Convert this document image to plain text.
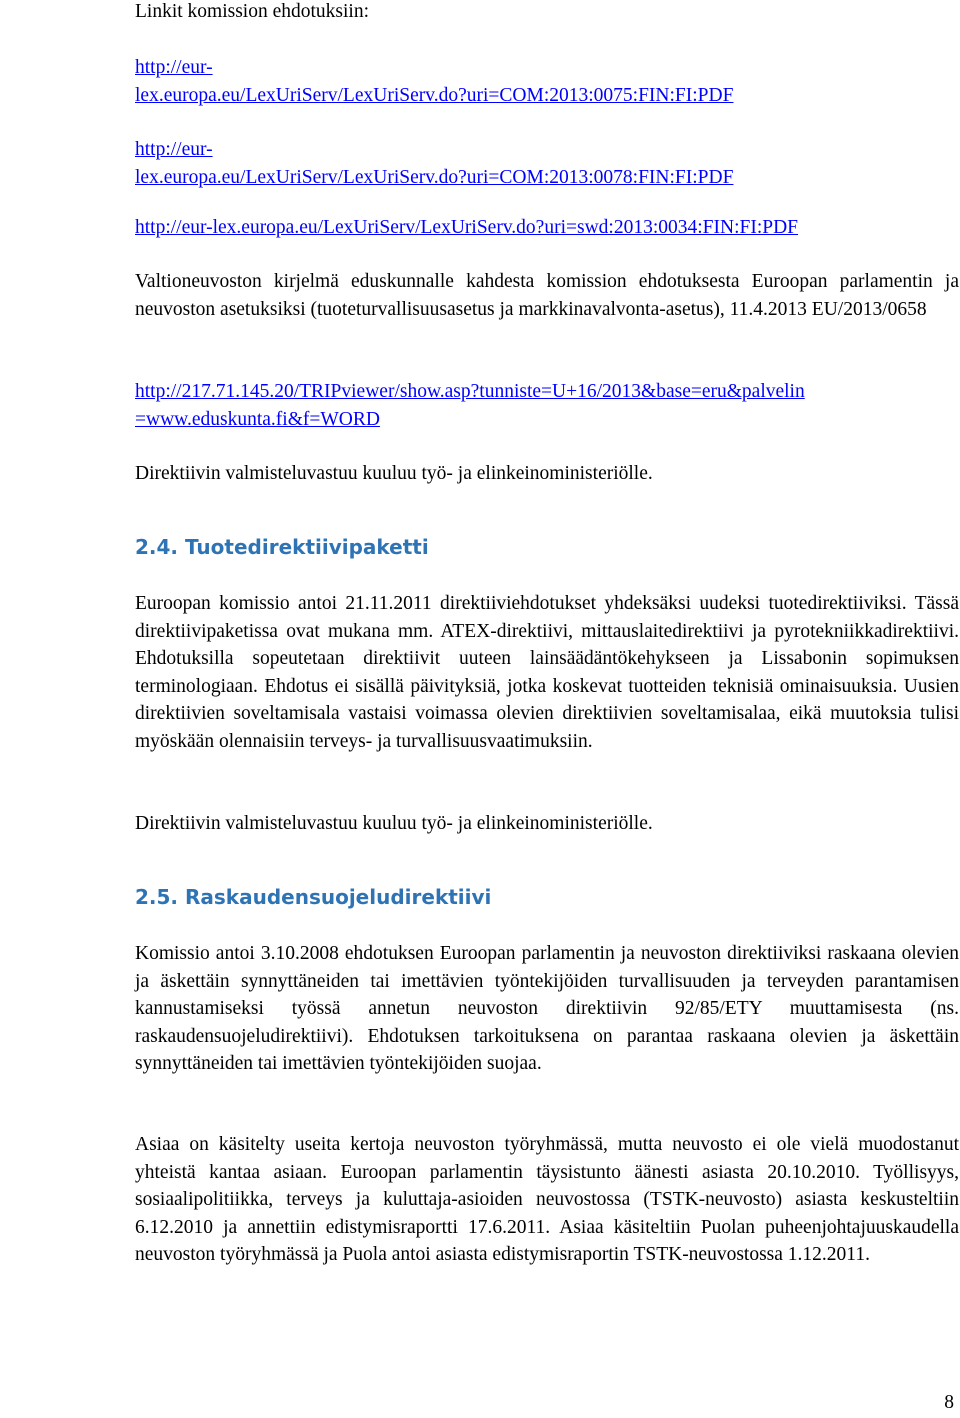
Linkit komission ehdotuksiin:

http://eur-
lex.europa.eu/LexUriServ/LexUriServ.do?uri=COM:2013:0075:FIN:FI:PDF
http://eur-
lex.europa.eu/LexUriServ/LexUriServ.do?uri=COM:2013:0078:FIN:FI:PDF
http://eur-lex.europa.eu/LexUriServ/LexUriServ.do?uri=swd:2013:0034:FIN:FI:PDF

Valtioneuvoston kirjelmä eduskunnalle kahdesta komission ehdotuksesta Euroopan parlamentin ja neuvoston asetuksiksi (tuoteturvallisuusasetus ja markkinavalvonta-asetus), 11.4.2013 EU/2013/0658

http://217.71.145.20/TRIPviewer/show.asp?tunniste=U+16/2013&base=eru&palvelin
=www.eduskunta.fi&f=WORD

Direktiivin valmisteluvastuu kuuluu työ- ja elinkeinoministeriölle.

2.4. Tuotedirektiivipaketti

Euroopan komissio antoi 21.11.2011 direktiiviehdotukset yhdeksäksi uudeksi tuotedirektiiviksi. Tässä direktiivipaketissa ovat mukana mm. ATEX-direktiivi, mittauslaitedirektiivi ja pyrotekniikkadirektiivi. Ehdotuksilla sopeutetaan direktiivit uuteen lainsäädäntökehykseen ja Lissabonin sopimuksen terminologiaan. Ehdotus ei sisällä päivityksiä, jotka koskevat tuotteiden teknisiä ominaisuuksia. Uusien direktiivien soveltamisala vastaisi voimassa olevien direktiivien soveltamisalaa, eikä muutoksia tulisi myöskään olennaisiin terveys- ja turvallisuusvaatimuksiin.

Direktiivin valmisteluvastuu kuuluu työ- ja elinkeinoministeriölle.

2.5. Raskaudensuojeludirektiivi

Komissio antoi 3.10.2008 ehdotuksen Euroopan parlamentin ja neuvoston direktiiviksi raskaana olevien ja äskettäin synnyttäneiden tai imettävien työntekijöiden turvallisuuden ja terveyden parantamisen kannustamiseksi työssä annetun neuvoston direktiivin 92/85/ETY muuttamisesta (ns. raskaudensuojeludirektiivi). Ehdotuksen tarkoituksena on parantaa raskaana olevien ja äskettäin synnyttäneiden tai imettävien työntekijöiden suojaa.

Asiaa on käsitelty useita kertoja neuvoston työryhmässä, mutta neuvosto ei ole vielä muodostanut yhteistä kantaa asiaan. Euroopan parlamentin täysistunto äänesti asiasta 20.10.2010. Työllisyys, sosiaalipolitiikka, terveys ja kuluttaja-asioiden neuvostossa (TSTK-neuvosto) asiasta keskusteltiin 6.12.2010 ja annettiin edistymisraportti 17.6.2011. Asiaa käsiteltiin Puolan puheenjohtajuuskaudella neuvoston työryhmässä ja Puola antoi asiasta edistymisraportin TSTK-neuvostossa 1.12.2011.

8
